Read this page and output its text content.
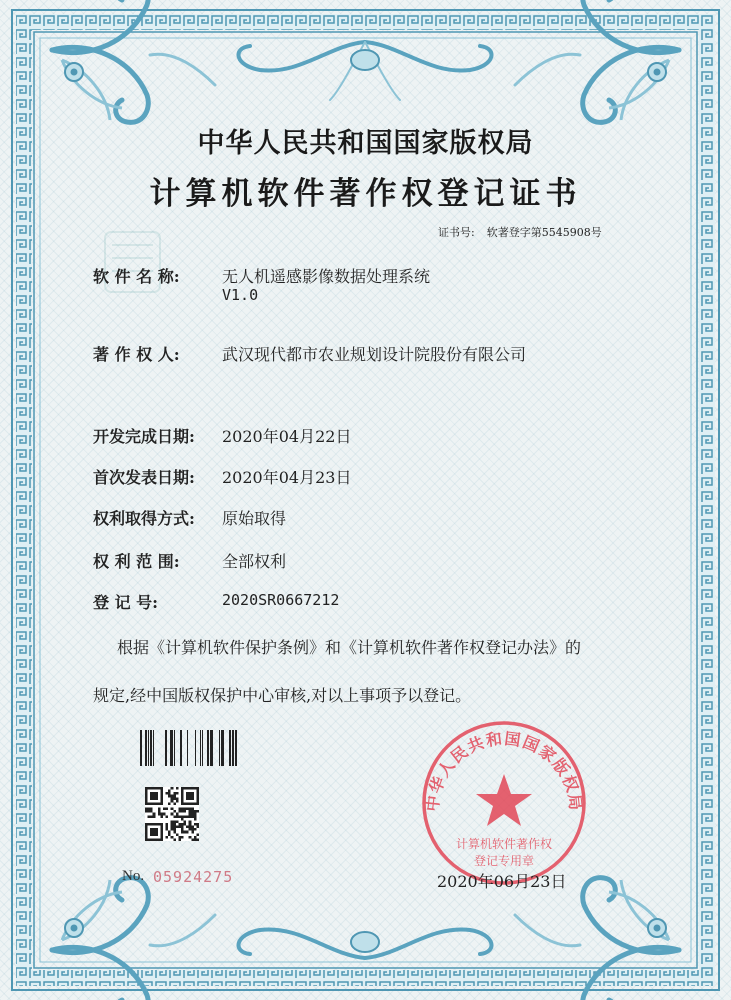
中华人民共和国国家版权局
计算机软件著作权登记证书
证书号: 软著登字第5545908号
软 件 名 称:	无人机遥感影像数据处理系统
V1.0
著 作 权 人:	武汉现代都市农业规划设计院股份有限公司
开发完成日期: 2020年04月22日
首次发表日期: 2020年04月23日
权利取得方式: 原始取得
权 利 范 围:	全部权利
登 记 号:	2020SR0667212

根据《计算机软件保护条例》和《计算机软件著作权登记办法》的

规定,经中国版权保护中心审核,对以上事项予以登记。

No. 05924275
中华人民共和国国家版权局
计算机软件著作权
登记专用章
2020年06月23日
